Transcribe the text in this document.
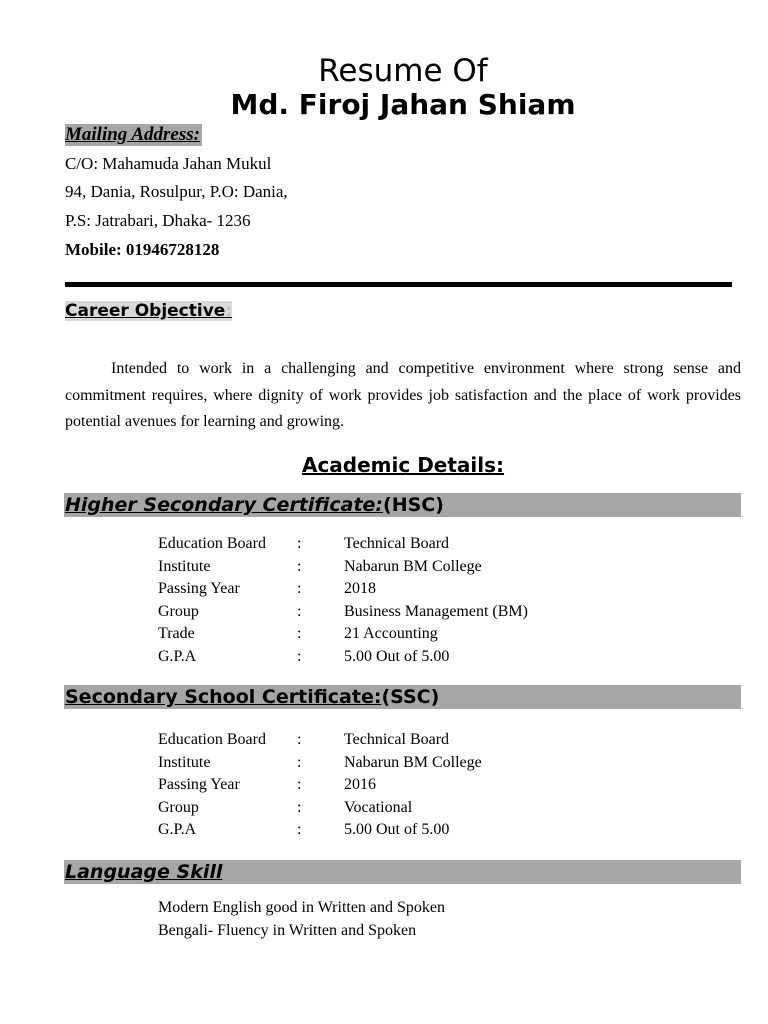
Resume Of
Md. Firoj Jahan Shiam
Mailing Address:
C/O: Mahamuda Jahan Mukul
94, Dania, Rosulpur, P.O: Dania,
P.S: Jatrabari, Dhaka- 1236
Mobile: 01946728128
Career Objective:
Intended to work in a challenging and competitive environment where strong sense and commitment requires, where dignity of work provides job satisfaction and the place of work provides potential avenues for learning and growing.
Academic Details:
Higher Secondary Certificate:(HSC)
Education Board :	Technical Board
Institute	:	Nabarun BM College
Passing Year	:	2018
Group	:	Business Management (BM)
Trade	:	21 Accounting
G.P.A	:	5.00 Out of 5.00
Secondary School Certificate:(SSC)
Education Board :	Technical Board
Institute	:	Nabarun BM College
Passing Year	:	2016
Group	:	Vocational
G.P.A	:	5.00 Out of 5.00
Language Skill
Modern English good in Written and Spoken
Bengali- Fluency in Written and Spoken
